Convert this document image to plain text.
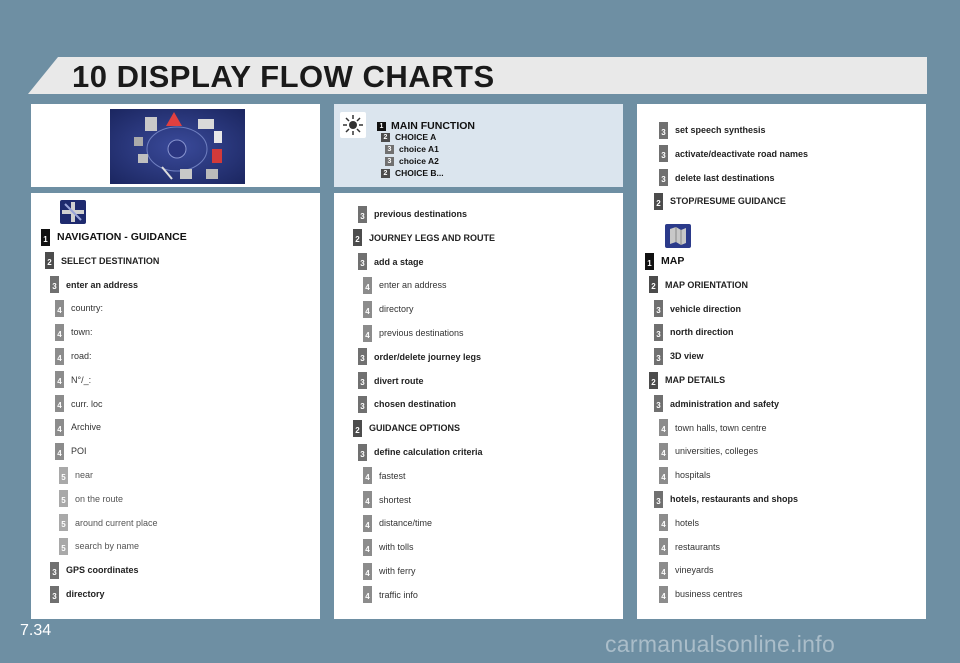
10 DISPLAY FLOW CHARTS
1 MAIN FUNCTION
2 CHOICE A
3 choice A1
3 choice A2
2 CHOICE B...
1 NAVIGATION - GUIDANCE
2 SELECT DESTINATION
3 enter an address
4 country:
4 town:
4 road:
4 N°/_:
4 curr. loc
4 Archive
4 POI
5 near
5 on the route
5 around current place
5 search by name
3 GPS coordinates
3 directory
3 previous destinations
2 JOURNEY LEGS AND ROUTE
3 add a stage
4 enter an address
4 directory
4 previous destinations
3 order/delete journey legs
3 divert route
3 chosen destination
2 GUIDANCE OPTIONS
3 define calculation criteria
4 fastest
4 shortest
4 distance/time
4 with tolls
4 with ferry
4 traffic info
3 set speech synthesis
3 activate/deactivate road names
3 delete last destinations
2 STOP/RESUME GUIDANCE
1 MAP
2 MAP ORIENTATION
3 vehicle direction
3 north direction
3 3D view
2 MAP DETAILS
3 administration and safety
4 town halls, town centre
4 universities, colleges
4 hospitals
3 hotels, restaurants and shops
4 hotels
4 restaurants
4 vineyards
4 business centres
7.34
carmanualsonline.info
